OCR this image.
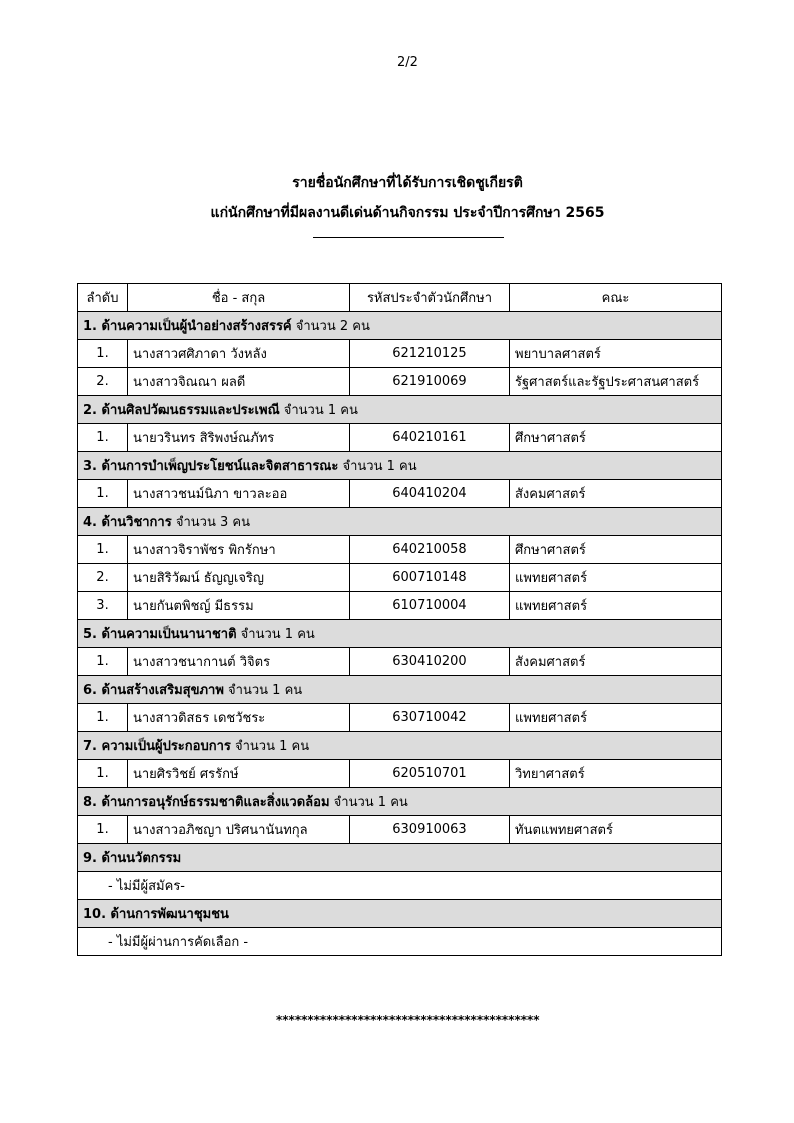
2/2
รายชื่อนักศึกษาที่ได้รับการเชิดชูเกียรติ
แก่นักศึกษาที่มีผลงานดีเด่นด้านกิจกรรม ประจำปีการศึกษา 2565
ลำดับ	ชื่อ - สกุล	รหัสประจำตัวนักศึกษา	คณะ
1. ด้านความเป็นผู้นำอย่างสร้างสรรค์ จำนวน 2 คน			
1.	นางสาวศศิภาดา วังหลัง	621210125	พยาบาลศาสตร์
2.	นางสาวจิณณา ผลดี	621910069	รัฐศาสตร์และรัฐประศาสนศาสตร์
2. ด้านศิลปวัฒนธรรมและประเพณี จำนวน 1 คน			
1.	นายวรินทร สิริพงษ์ณภัทร	640210161	ศึกษาศาสตร์
3. ด้านการบำเพ็ญประโยชน์และจิตสาธารณะ จำนวน 1 คน			
1.	นางสาวชนม์นิภา ขาวละออ	640410204	สังคมศาสตร์
4. ด้านวิชาการ จำนวน 3 คน			
1.	นางสาวจิราพัชร พิกรักษา	640210058	ศึกษาศาสตร์
2.	นายสิริวัฒน์ ธัญญเจริญ	600710148	แพทยศาสตร์
3.	นายกันตพิชญ์ มีธรรม	610710004	แพทยศาสตร์
5. ด้านความเป็นนานาชาติ จำนวน 1 คน			
1.	นางสาวชนากานต์ วิจิตร	630410200	สังคมศาสตร์
6. ด้านสร้างเสริมสุขภาพ จำนวน 1 คน			
1.	นางสาวดิสธร เดชวัชระ	630710042	แพทยศาสตร์
7. ความเป็นผู้ประกอบการ จำนวน 1 คน			
1.	นายศิรวิชย์ ศรรักษ์	620510701	วิทยาศาสตร์
8. ด้านการอนุรักษ์ธรรมชาติและสิ่งแวดล้อม จำนวน 1 คน			
1.	นางสาวอภิชญา ปริศนานันทกุล	630910063	ทันตแพทยศาสตร์
9. ด้านนวัตกรรม			
- ไม่มีผู้สมัคร-			
10. ด้านการพัฒนาชุมชน			
- ไม่มีผู้ผ่านการคัดเลือก -			
******************************************
